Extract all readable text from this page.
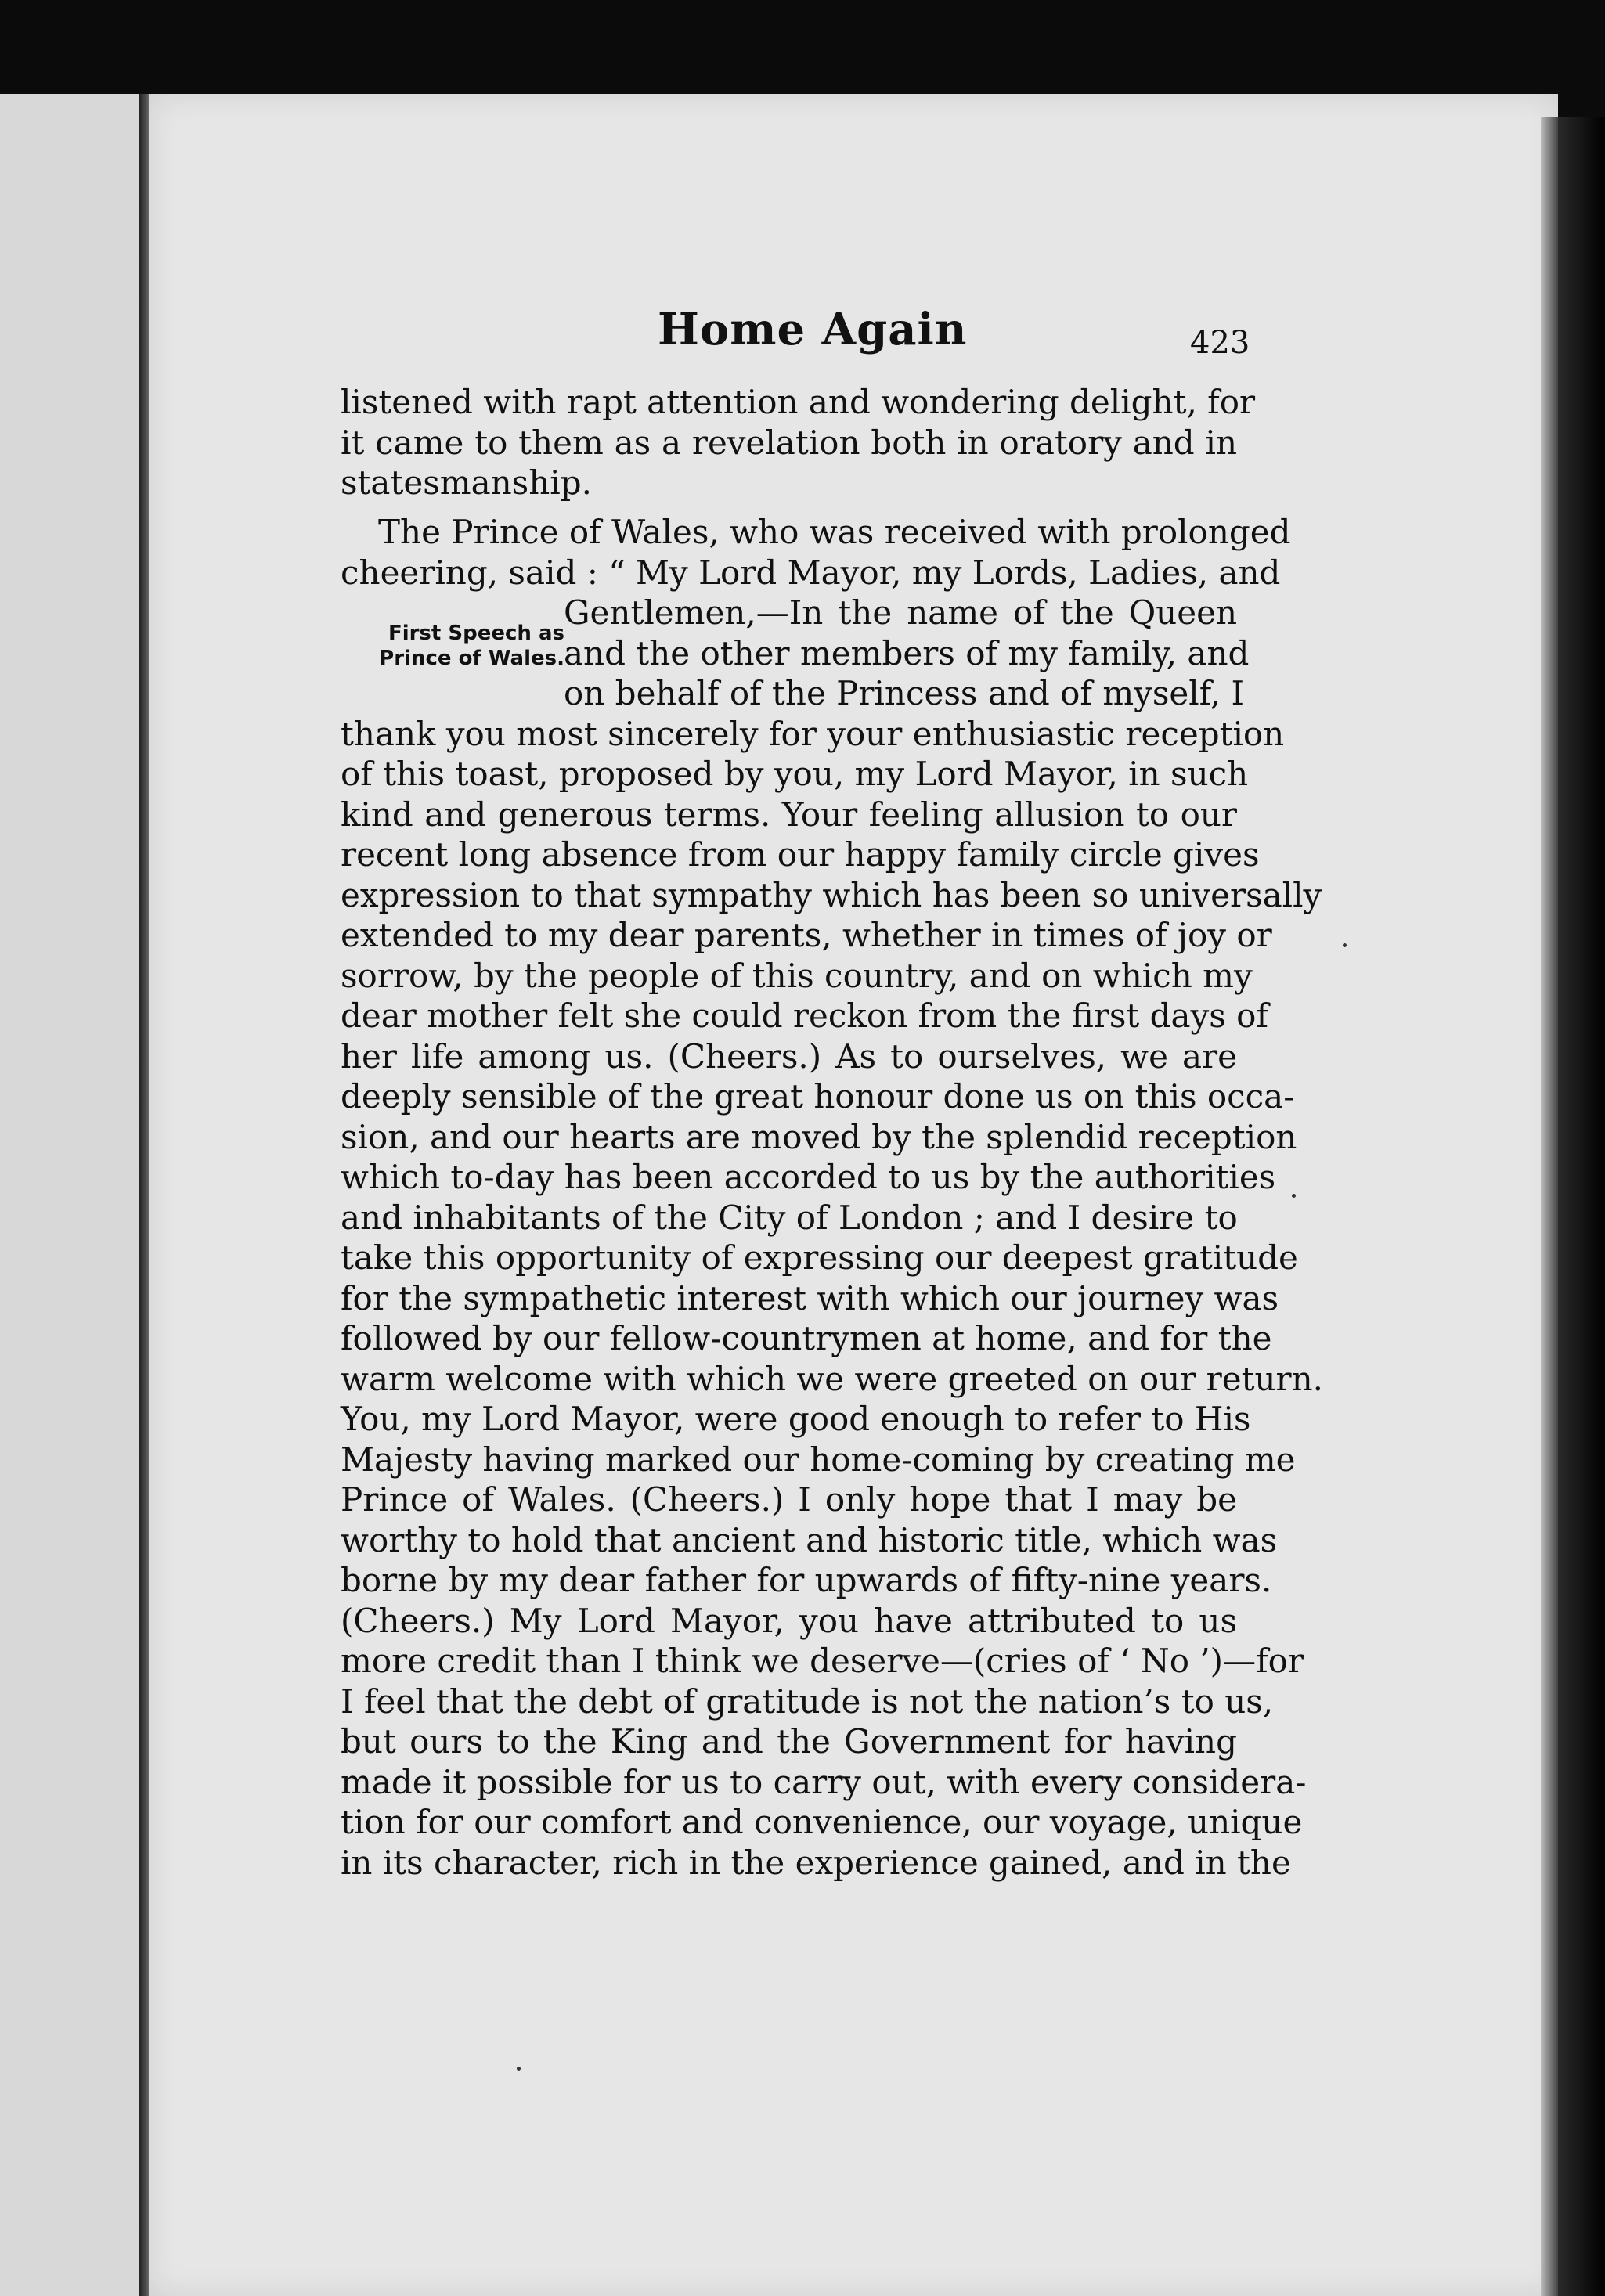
Home Again	423
listened with rapt attention and wondering delight, for
it came to them as a revelation both in oratory and in
statesmanship.
First Speech as
Prince of Wales.
The Prince of Wales, who was received with prolonged
cheering, said : “ My Lord Mayor, my Lords, Ladies, and
Gentlemen,—In the name of the Queen
and the other members of my family, and
on behalf of the Princess and of myself, I
thank you most sincerely for your enthusiastic reception
of this toast, proposed by you, my Lord Mayor, in such
kind and generous terms. Your feeling allusion to our
recent long absence from our happy family circle gives
expression to that sympathy which has been so universally
extended to my dear parents, whether in times of joy or
sorrow, by the people of this country, and on which my
dear mother felt she could reckon from the first days of
her life among us. (Cheers.) As to ourselves, we are
deeply sensible of the great honour done us on this occa-
sion, and our hearts are moved by the splendid reception
which to-day has been accorded to us by the authorities
and inhabitants of the City of London ; and I desire to
take this opportunity of expressing our deepest gratitude
for the sympathetic interest with which our journey was
followed by our fellow-countrymen at home, and for the
warm welcome with which we were greeted on our return.
You, my Lord Mayor, were good enough to refer to His
Majesty having marked our home-coming by creating me
Prince of Wales. (Cheers.) I only hope that I may be
worthy to hold that ancient and historic title, which was
borne by my dear father for upwards of fifty-nine years.
(Cheers.) My Lord Mayor, you have attributed to us
more credit than I think we deserve—(cries of ‘ No ’)—for
I feel that the debt of gratitude is not the nation’s to us,
but ours to the King and the Government for having
made it possible for us to carry out, with every considera-
tion for our comfort and convenience, our voyage, unique
in its character, rich in the experience gained, and in the
